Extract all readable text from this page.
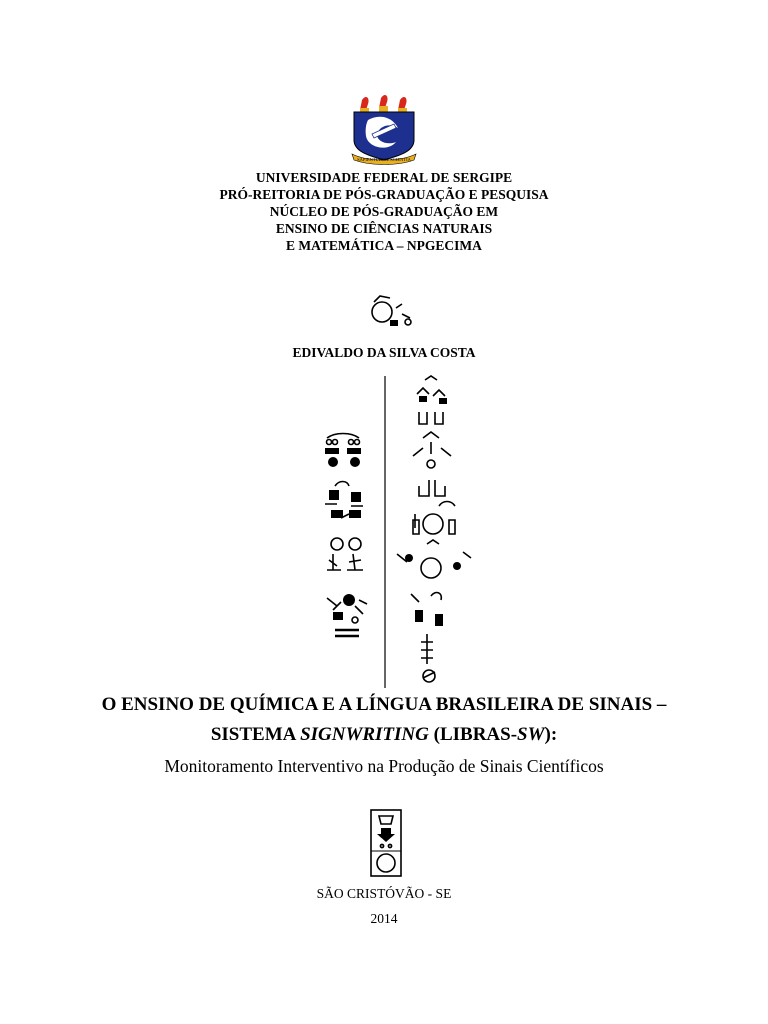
SAPIENTIA EST SCIENTIA
UNIVERSIDADE FEDERAL DE SERGIPE
PRÓ-REITORIA DE PÓS-GRADUAÇÃO E PESQUISA
NÚCLEO DE PÓS-GRADUAÇÃO EM
ENSINO DE CIÊNCIAS NATURAIS
E MATEMÁTICA – NPGECIMA
EDIVALDO DA SILVA COSTA
O ENSINO DE QUÍMICA E A LÍNGUA BRASILEIRA DE SINAIS –
SISTEMA SIGNWRITING (LIBRAS-SW):
Monitoramento Interventivo na Produção de Sinais Científicos
SÃO CRISTÓVÃO - SE
2014
